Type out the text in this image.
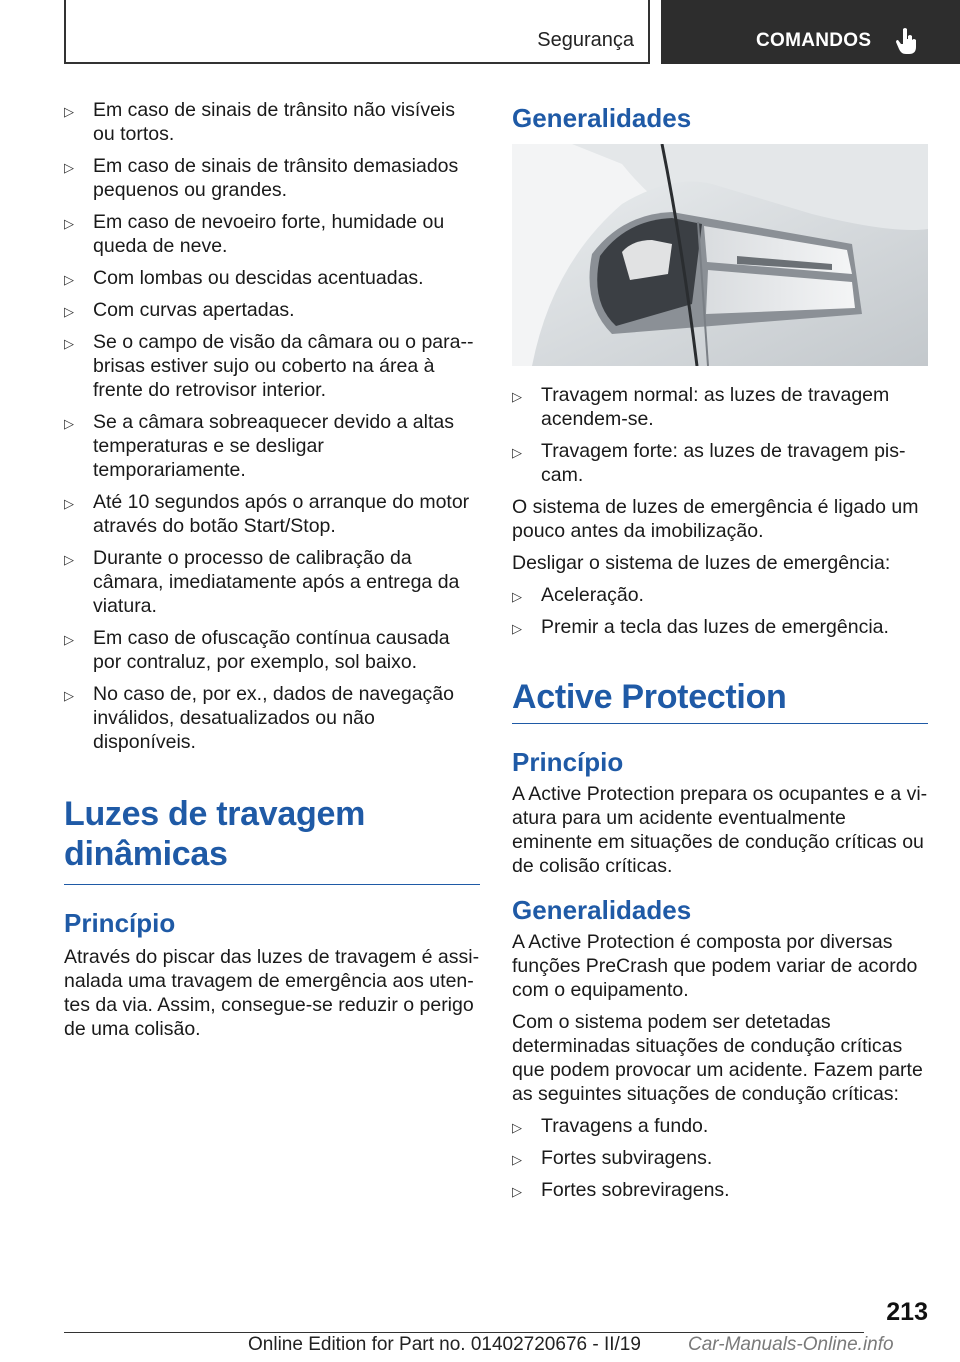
Segurança	COMANDOS
▷ Em caso de sinais de trânsito não visíveis ou tortos.
▷ Em caso de sinais de trânsito demasiados pequenos ou grandes.
▷ Em caso de nevoeiro forte, humidade ou queda de neve.
▷ Com lombas ou descidas acentuadas.
▷ Com curvas apertadas.
▷ Se o campo de visão da câmara ou o para--brisas estiver sujo ou coberto na área à frente do retrovisor interior.
▷ Se a câmara sobreaquecer devido a altas temperaturas e se desligar temporariamente.
▷ Até 10 segundos após o arranque do motor através do botão Start/Stop.
▷ Durante o processo de calibração da câmara, imediatamente após a entrega da viatura.
▷ Em caso de ofuscação contínua causada por contraluz, por exemplo, sol baixo.
▷ No caso de, por ex., dados de navegação inválidos, desatualizados ou não disponíveis.
Luzes de travagem dinâmicas
Princípio

Através do piscar das luzes de travagem é assinalada uma travagem de emergência aos utentes da via. Assim, consegue-se reduzir o perigo de uma colisão.

Generalidades
▷ Travagem normal: as luzes de travagem acendem-se.
▷ Travagem forte: as luzes de travagem piscam.

O sistema de luzes de emergência é ligado um pouco antes da imobilização.

Desligar o sistema de luzes de emergência:

▷ Aceleração.
▷ Premir a tecla das luzes de emergência.
Active Protection
Princípio

A Active Protection prepara os ocupantes e a viatura para um acidente eventualmente eminente em situações de condução críticas ou de colisão críticas.

Generalidades

A Active Protection é composta por diversas funções PreCrash que podem variar de acordo com o equipamento.

Com o sistema podem ser detetadas determinadas situações de condução críticas que podem provocar um acidente. Fazem parte as seguintes situações de condução críticas:

▷ Travagens a fundo.
▷ Fortes subviragens.
▷ Fortes sobreviragens.
213
Online Edition for Part no. 01402720676 - II/19 Car-Manuals-Online.info
